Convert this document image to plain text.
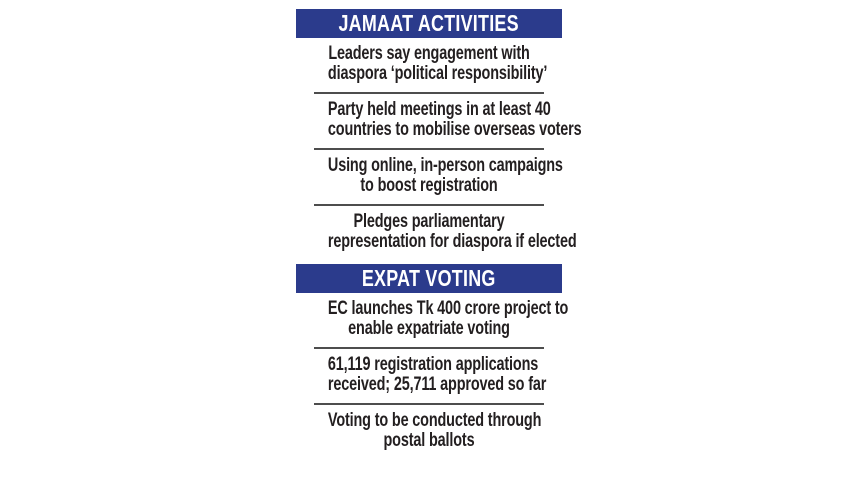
JAMAAT ACTIVITIES
Leaders say engagement with
diaspora ‘political responsibility’
Party held meetings in at least 40
countries to mobilise overseas voters
Using online, in-person campaigns
to boost registration
Pledges parliamentary
representation for diaspora if elected
EXPAT VOTING
EC launches Tk 400 crore project to
enable expatriate voting
61,119 registration applications
received; 25,711 approved so far
Voting to be conducted through
postal ballots
